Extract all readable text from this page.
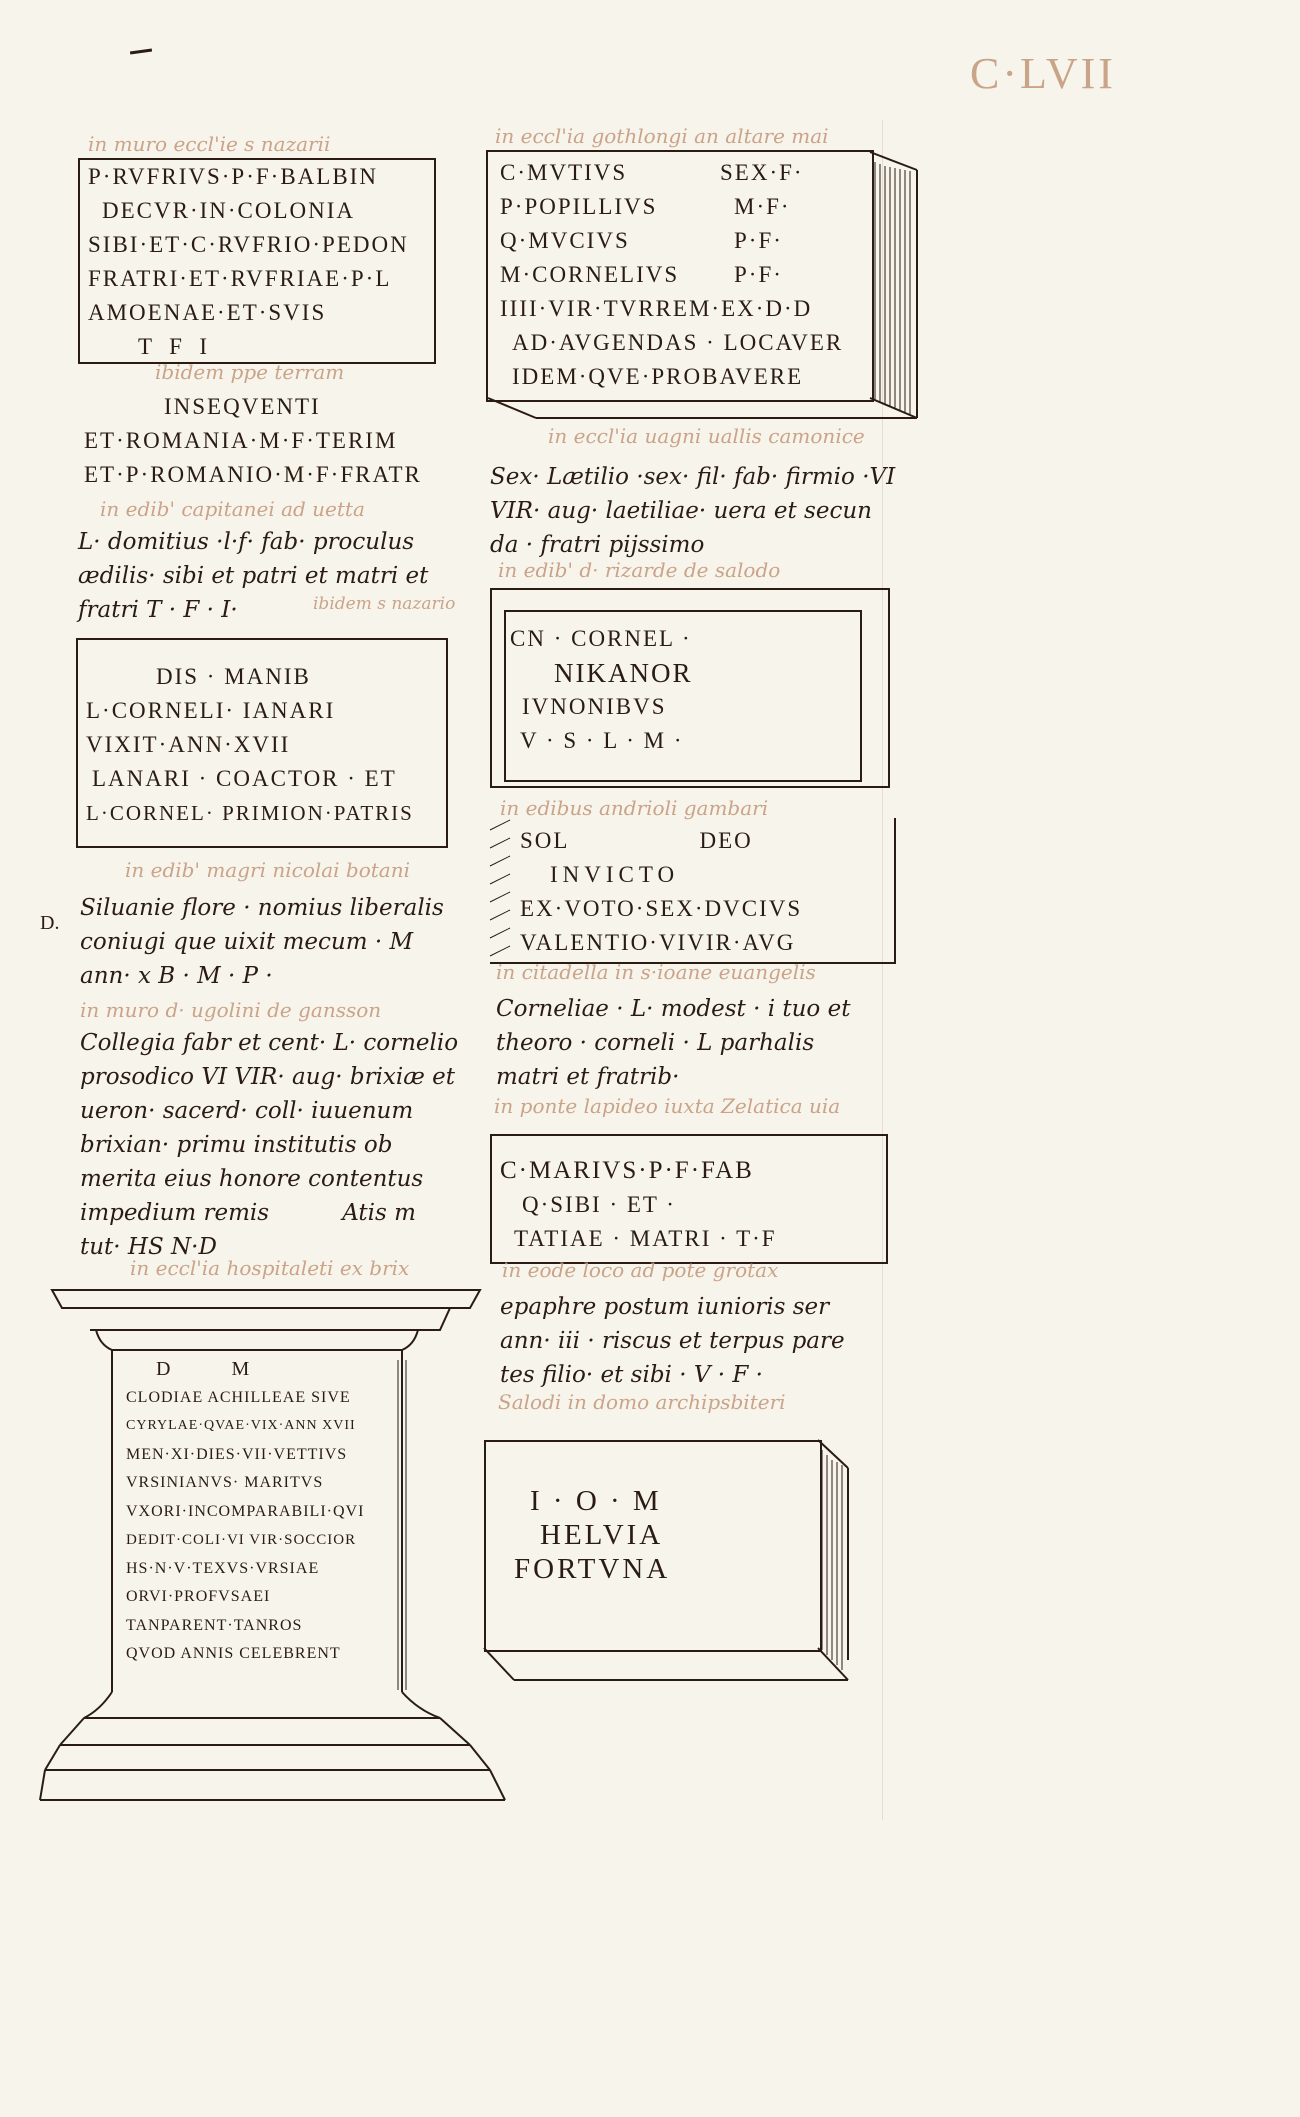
C·LVII
in muro eccl'ie s nazarii
P·RVFRIVS·P·F·BALBIN
DECVR·IN·COLONIA
SIBI·ET·C·RVFRIO·PEDON
FRATRI·ET·RVFRIAE·P·L
AMOENAE·ET·SVIS
T  F  I
ibidem ppe terram
INSEQVENTI
ET·ROMANIA·M·F·TERIM
ET·P·ROMANIO·M·F·FRATR
in edib' capitanei ad uetta
L· domitius ·l·f· fab· proculus
ædilis· sibi et patri et matri et
fratri T · F · I·	ibidem s nazario
DIS · MANIB
L·CORNELI· IANARI
VIXIT·ANN·XVII
LANARI · COACTOR · ET
L·CORNEL· PRIMION·PATRIS
in edib' magri nicolai botani
D.
Siluanie flore · nomius liberalis
coniugi que uixit mecum · M
ann· x B · M · P ·
in muro d· ugolini de gansson
Collegia fabr et cent· L· cornelio
prosodico VI VIR· aug· brixiæ et
ueron· sacerd· coll· iuuenum
brixian· primu institutis ob
merita eius honore contentus
impedium remis          Atis m
tut· HS N·D
in eccl'ia hospitaleti ex brix
D          M
CLODIAE ACHILLEAE SIVE
CYRYLAE·QVAE·VIX·ANN XVII
MEN·XI·DIES·VII·VETTIVS
VRSINIANVS· MARITVS
VXORI·INCOMPARABILI·QVI
DEDIT·COLI·VI VIR·SOCCIOR
HS·N·V·TEXVS·VRSIAE
ORVI·PROFVSAEI
TANPARENT·TANROS
QVOD ANNIS CELEBRENT
in eccl'ia gothlongi an altare mai
C·MVTIVS	SEX·F·
P·POPILLIVS	M·F·
Q·MVCIVS	P·F·
M·CORNELIVS	P·F·
IIII·VIR·TVRREM·EX·D·D
AD·AVGENDAS · LOCAVER
IDEM·QVE·PROBAVERE
in eccl'ia uagni uallis camonice
Sex· Lætilio ·sex· fil· fab· firmio ·VI
VIR· aug· laetiliae· uera et secun
da · fratri pijssimo
in edib' d· rizarde de salodo
CN · CORNEL ·
NIKANOR
IVNONIBVS
V · S · L · M ·
in edibus andrioli gambari
SOL	DEO
INVICTO
EX·VOTO·SEX·DVCIVS
VALENTIO·VIVIR·AVG
in citadella in s·ioane euangelis
Corneliae · L· modest · i tuo et
theoro · corneli · L parhalis
matri et fratrib·
in ponte lapideo iuxta Zelatica uia
C·MARIVS·P·F·FAB
Q·SIBI · ET ·
TATIAE · MATRI · T·F
in eode loco ad pote grotax
epaphre postum iunioris ser
ann· iii · riscus et terpus pare
tes filio· et sibi · V · F ·
Salodi in domo archipsbiteri
I · O · M
HELVIA
FORTVNA
